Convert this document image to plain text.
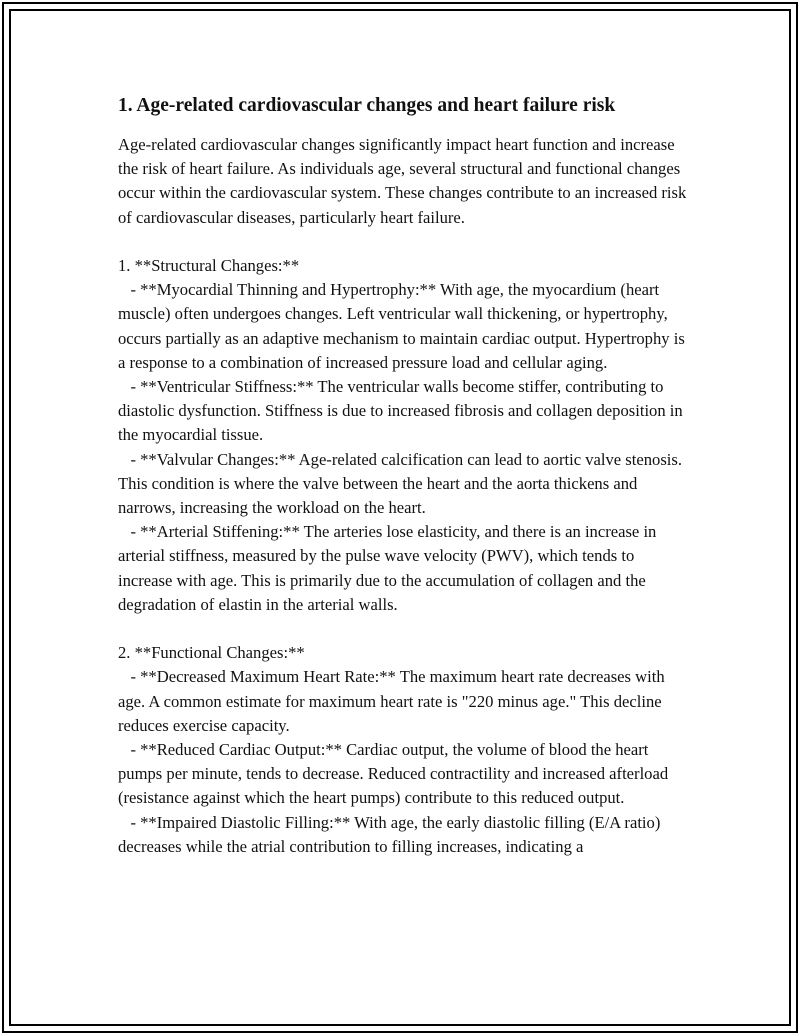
1. Age-related cardiovascular changes and heart failure risk

Age-related cardiovascular changes significantly impact heart function and increase the risk of heart failure. As individuals age, several structural and functional changes occur within the cardiovascular system. These changes contribute to an increased risk of cardiovascular diseases, particularly heart failure.

1. **Structural Changes:**

- **Myocardial Thinning and Hypertrophy:** With age, the myocardium (heart muscle) often undergoes changes. Left ventricular wall thickening, or hypertrophy, occurs partially as an adaptive mechanism to maintain cardiac output. Hypertrophy is a response to a combination of increased pressure load and cellular aging.

- **Ventricular Stiffness:** The ventricular walls become stiffer, contributing to diastolic dysfunction. Stiffness is due to increased fibrosis and collagen deposition in the myocardial tissue.

- **Valvular Changes:** Age-related calcification can lead to aortic valve stenosis. This condition is where the valve between the heart and the aorta thickens and narrows, increasing the workload on the heart.

- **Arterial Stiffening:** The arteries lose elasticity, and there is an increase in arterial stiffness, measured by the pulse wave velocity (PWV), which tends to increase with age. This is primarily due to the accumulation of collagen and the degradation of elastin in the arterial walls.

2. **Functional Changes:**

- **Decreased Maximum Heart Rate:** The maximum heart rate decreases with age. A common estimate for maximum heart rate is "220 minus age." This decline reduces exercise capacity.

- **Reduced Cardiac Output:** Cardiac output, the volume of blood the heart pumps per minute, tends to decrease. Reduced contractility and increased afterload (resistance against which the heart pumps) contribute to this reduced output.

- **Impaired Diastolic Filling:** With age, the early diastolic filling (E/A ratio) decreases while the atrial contribution to filling increases, indicating a
